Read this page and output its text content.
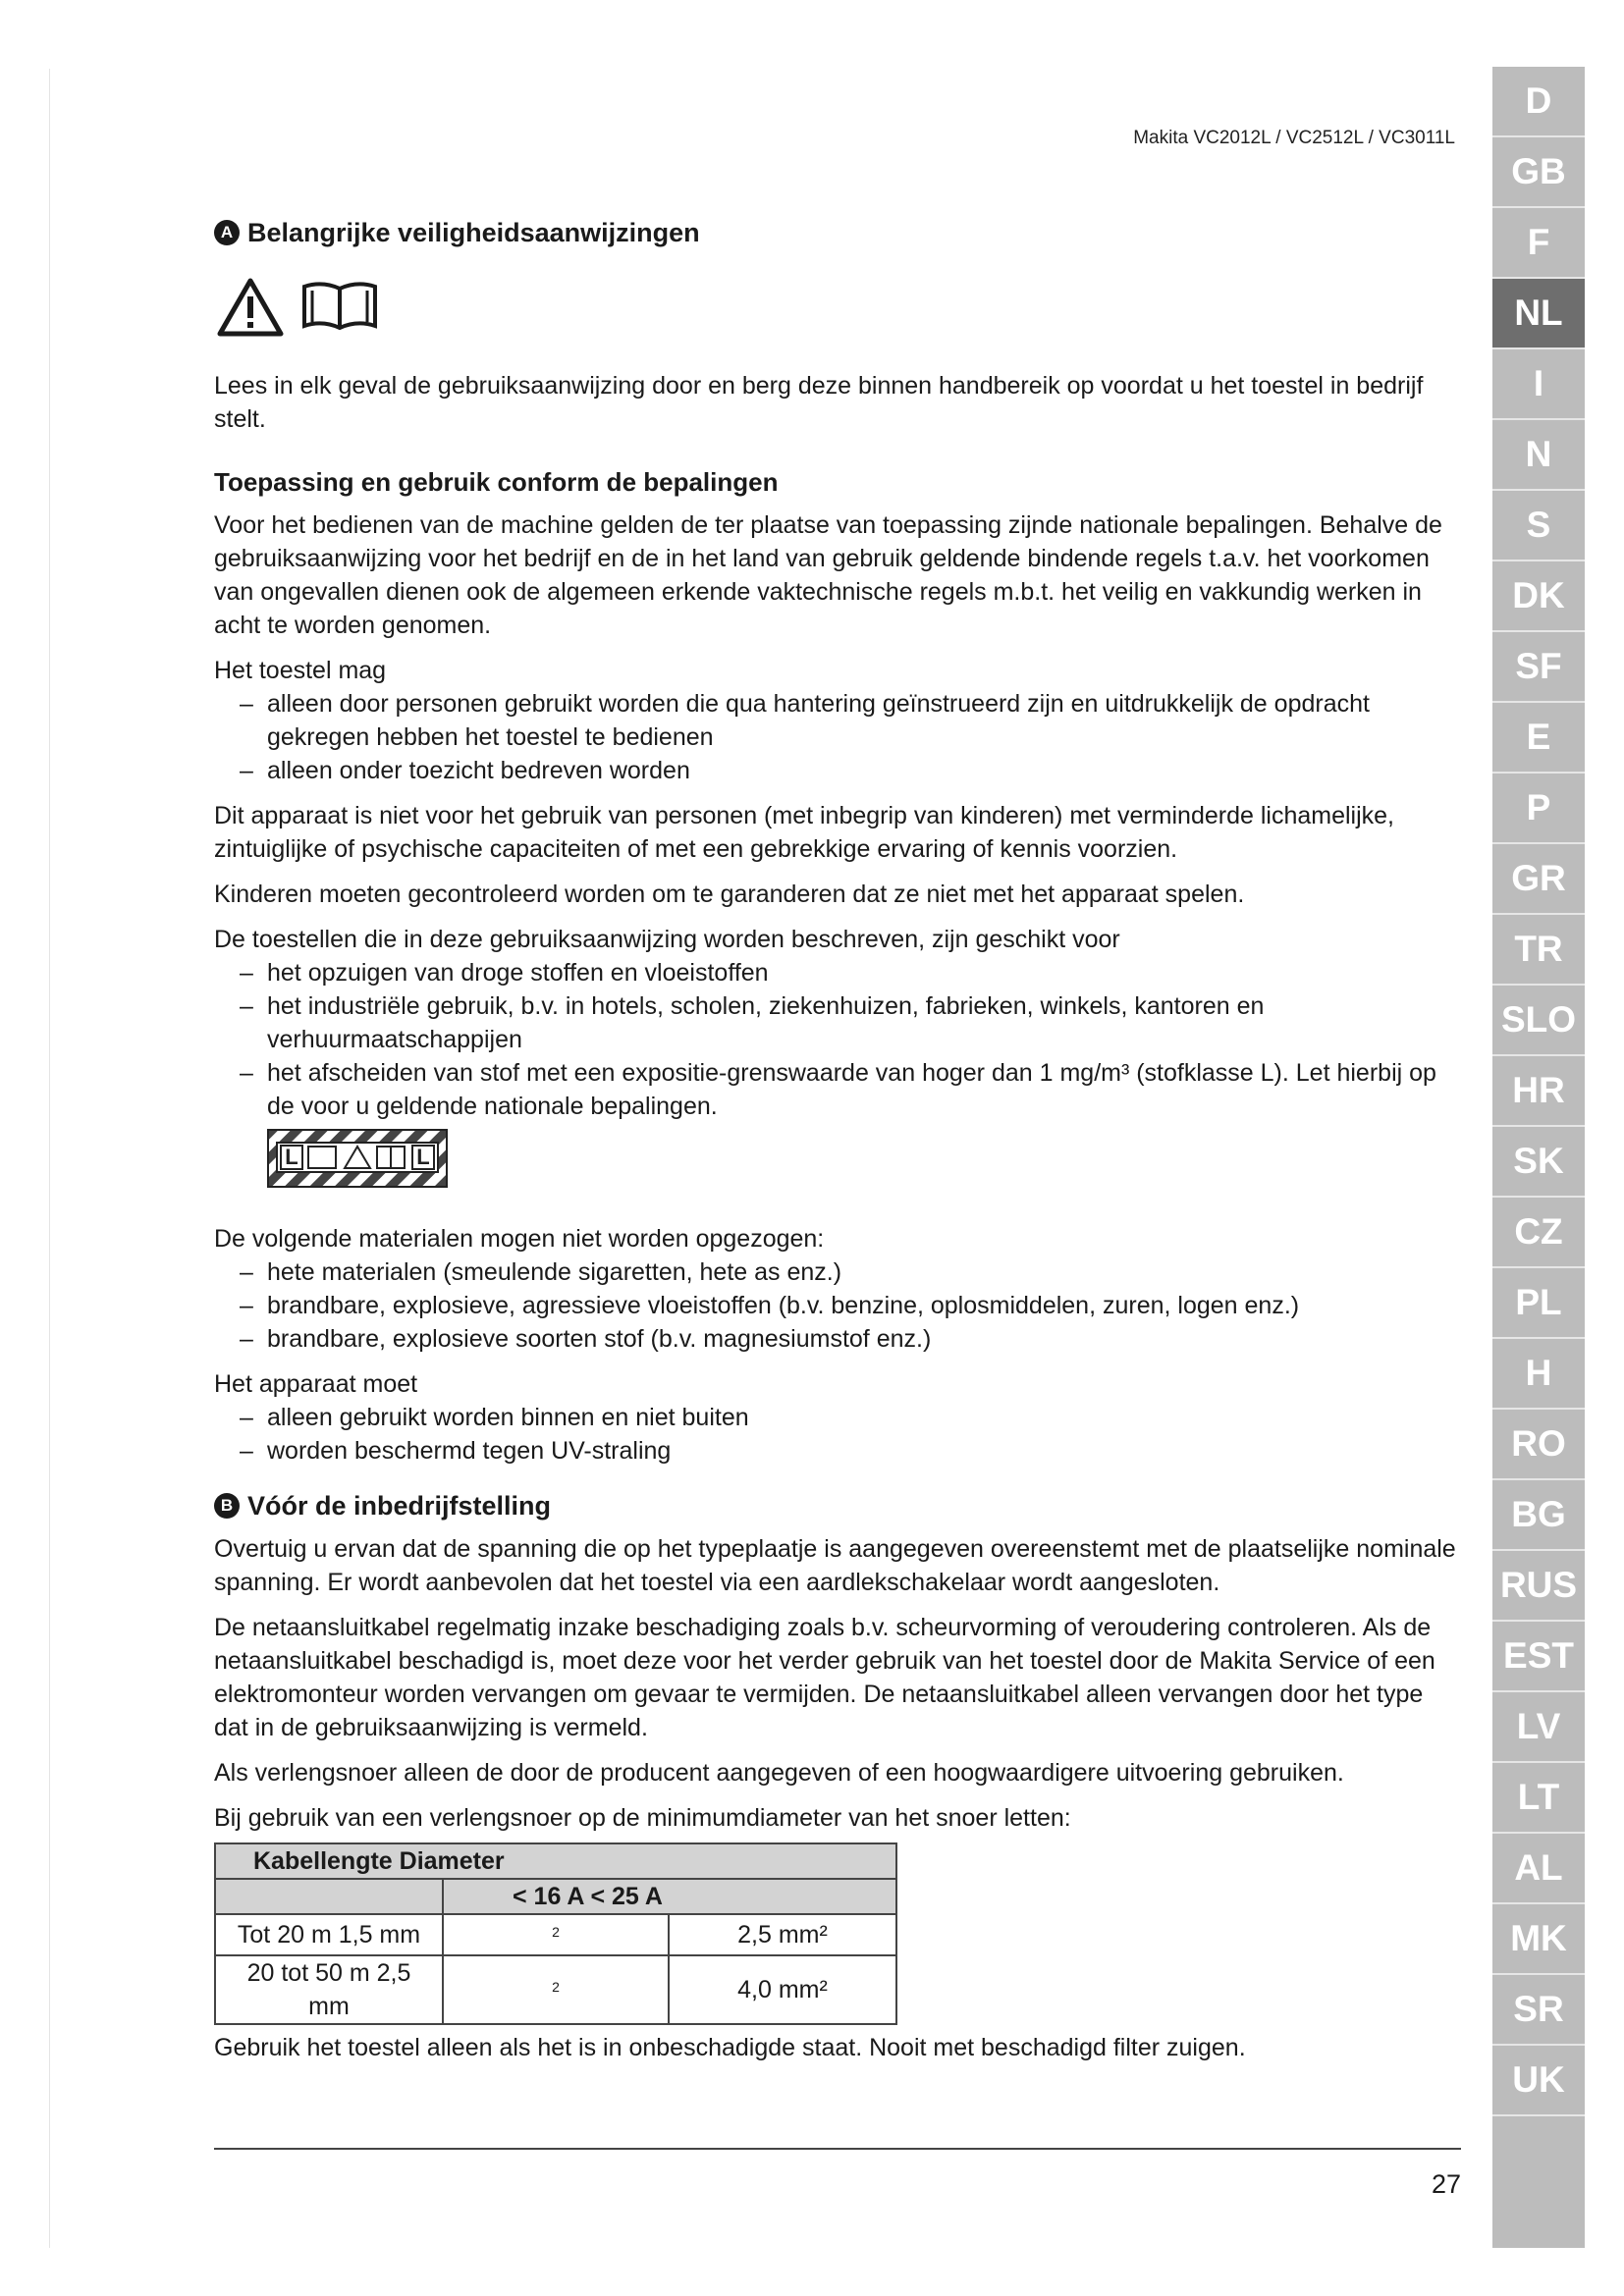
Makita VC2012L / VC2512L / VC3011L
A Belangrijke veiligheidsaanwijzingen

Lees in elk geval de gebruiksaanwijzing door en berg deze binnen handbereik op voordat u het toestel in bedrijf stelt.

Toepassing en gebruik conform de bepalingen

Voor het bedienen van de machine gelden de ter plaatse van toepassing zijnde nationale bepalingen. Behalve de gebruiksaanwijzing voor het bedrijf en de in het land van gebruik geldende bindende regels t.a.v. het voorkomen van ongevallen dienen ook de algemeen erkende vaktechnische regels m.b.t. het veilig en vakkundig werken in acht te worden genomen.

Het toestel mag

– alleen door personen gebruikt worden die qua hantering geïnstrueerd zijn en uitdrukkelijk de opdracht gekregen hebben het toestel te bedienen
– alleen onder toezicht bedreven worden

Dit apparaat is niet voor het gebruik van personen (met inbegrip van kinderen) met verminderde lichamelijke, zintuiglijke of psychische capaciteiten of met een gebrekkige ervaring of kennis voorzien.

Kinderen moeten gecontroleerd worden om te garanderen dat ze niet met het apparaat spelen.

De toestellen die in deze gebruiksaanwijzing worden beschreven, zijn geschikt voor

– het opzuigen van droge stoffen en vloeistoffen
– het industriële gebruik, b.v. in hotels, scholen, ziekenhuizen, fabrieken, winkels, kantoren en verhuurmaatschappijen
– het afscheiden van stof met een expositie-grenswaarde van hoger dan 1 mg/m³ (stofklasse L). Let hierbij op de voor u geldende nationale bepalingen.
L	L

De volgende materialen mogen niet worden opgezogen:

– hete materialen (smeulende sigaretten, hete as enz.)
– brandbare, explosieve, agressieve vloeistoffen (b.v. benzine, oplosmiddelen, zuren, logen enz.)
– brandbare, explosieve soorten stof (b.v. magnesiumstof enz.)

Het apparaat moet

– alleen gebruikt worden binnen en niet buiten
– worden beschermd tegen UV-straling
B Vóór de inbedrijfstelling

Overtuig u ervan dat de spanning die op het typeplaatje is aangegeven overeenstemt met de plaatselijke nominale spanning. Er wordt aanbevolen dat het toestel via een aardlekschakelaar wordt aangesloten.

De netaansluitkabel regelmatig inzake beschadiging zoals b.v. scheurvorming of veroudering controleren. Als de netaansluitkabel beschadigd is, moet deze voor het verder gebruik van het toestel door de Makita Service of een elektromonteur worden vervangen om gevaar te vermijden. De netaansluitkabel alleen vervangen door het type dat in de gebruiksaanwijzing is vermeld.

Als verlengsnoer alleen de door de producent aangegeven of een hoogwaardigere uitvoering gebruiken.

Bij gebruik van een verlengsnoer op de minimumdiameter van het snoer letten:

Kabellengte Diameter		
	< 16 A < 25 A	
Tot 20 m 1,5 mm	$^2$	2,5 mm²
20 tot 50 m 2,5 mm	$^2$	4,0 mm²

Gebruik het toestel alleen als het is in onbeschadigde staat. Nooit met beschadigd filter zuigen.

27
D
GB
F
NL
I
N
S
DK
SF
E
P
GR
TR
SLO
HR
SK
CZ
PL
H
RO
BG
RUS
EST
LV
LT
AL
MK
SR
UK
